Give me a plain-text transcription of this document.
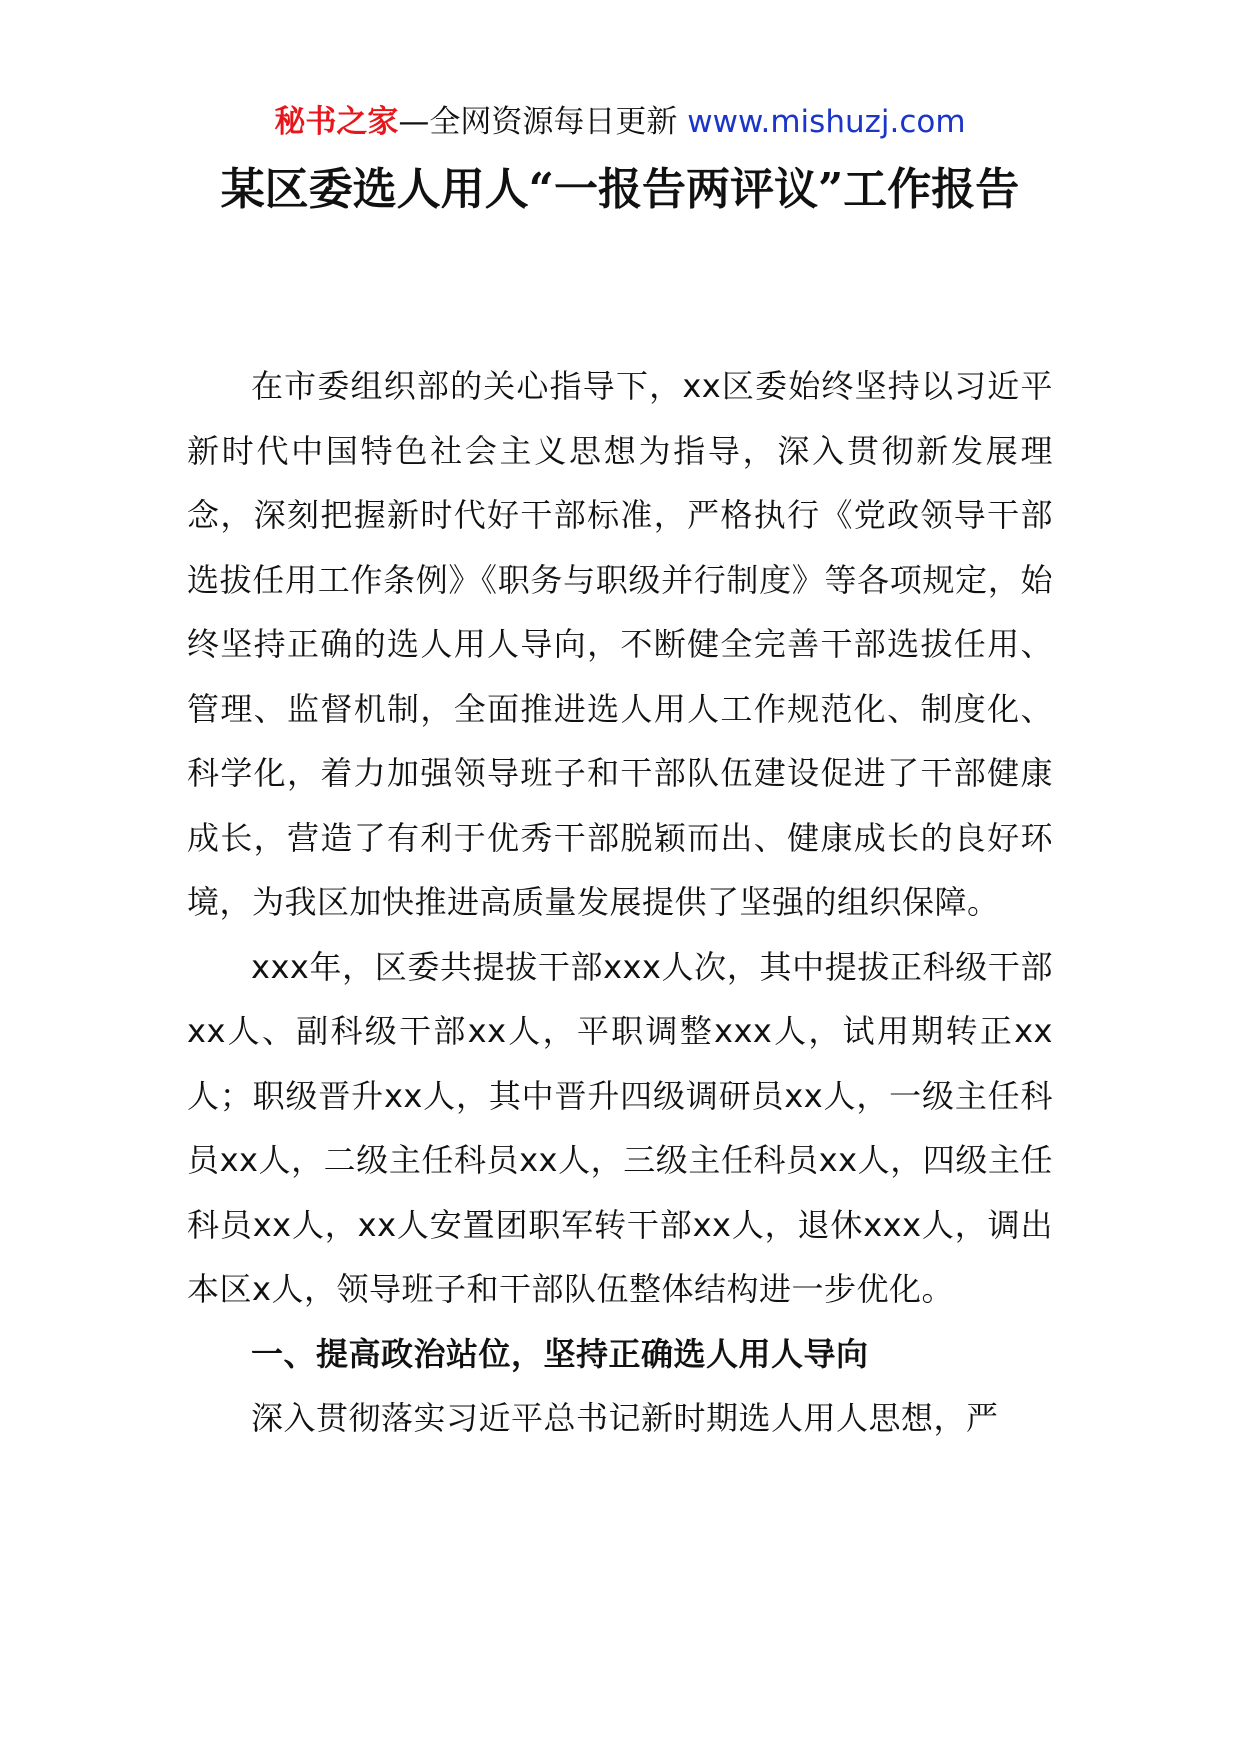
秘书之家—全网资源每日更新 www.mishuzj.com
某区委选人用人“一报告两评议”工作报告

在市委组织部的关心指导下，xx区委始终坚持以习近平新时代中国特色社会主义思想为指导，深入贯彻新发展理念，深刻把握新时代好干部标准，严格执行《党政领导干部选拔任用工作条例》《职务与职级并行制度》等各项规定，始终坚持正确的选人用人导向，不断健全完善干部选拔任用、管理、监督机制，全面推进选人用人工作规范化、制度化、科学化，着力加强领导班子和干部队伍建设促进了干部健康成长，营造了有利于优秀干部脱颖而出、健康成长的良好环境，为我区加快推进高质量发展提供了坚强的组织保障。

xxx年，区委共提拔干部xxx人次，其中提拔正科级干部xx人、副科级干部xx人，平职调整xxx人，试用期转正xx人；职级晋升xx人，其中晋升四级调研员xx人，一级主任科员xx人，二级主任科员xx人，三级主任科员xx人，四级主任科员xx人，xx人安置团职军转干部xx人，退休xxx人，调出本区x人，领导班子和干部队伍整体结构进一步优化。

一、提高政治站位，坚持正确选人用人导向

深入贯彻落实习近平总书记新时期选人用人思想，严
